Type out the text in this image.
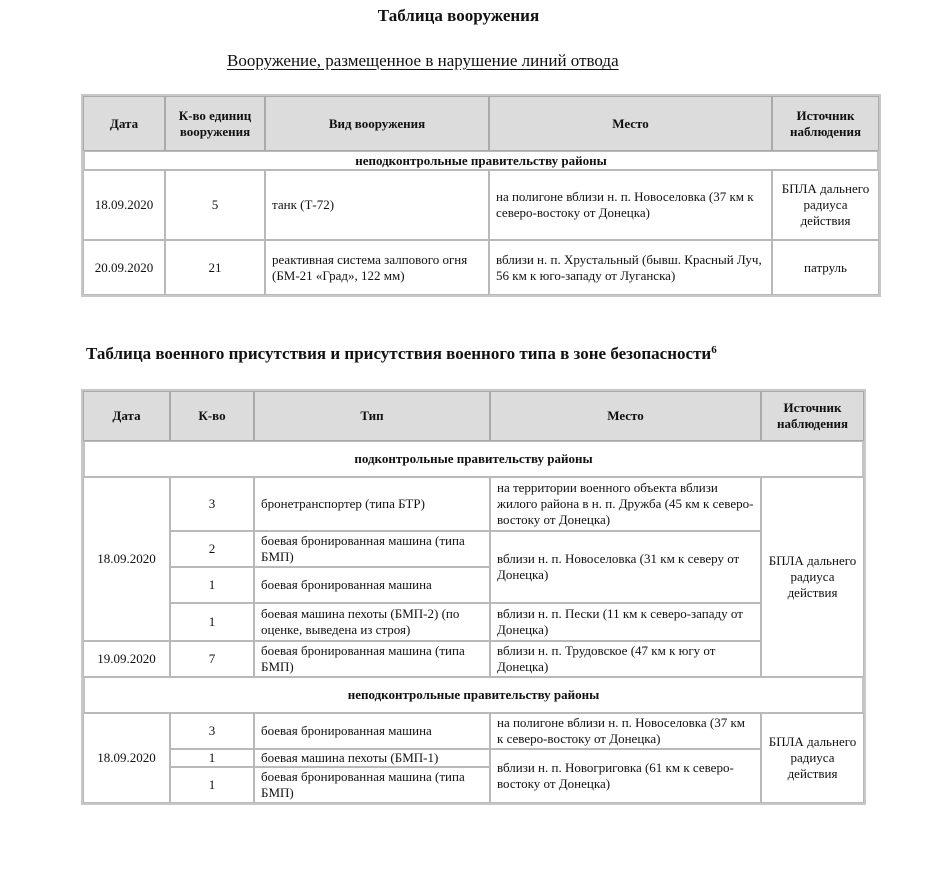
Таблица вооружения
Вооружение, размещенное в нарушение линий отвода
Дата	К-во единиц вооружения	Вид вооружения	Место	Источник наблюдения
неподконтрольные правительству районы				
18.09.2020	5	танк (Т-72)	на полигоне вблизи н. п. Новоселовка (37 км к северо-востоку от Донецка)	БПЛА дальнего радиуса действия
20.09.2020	21	реактивная система залпового огня (БМ-21 «Град», 122 мм)	вблизи н. п. Хрустальный (бывш. Красный Луч, 56 км к юго-западу от Луганска)	патруль
Таблица военного присутствия и присутствия военного типа в зоне безопасности$^6$
Дата	К-во	Тип	Место	Источник наблюдения
подконтрольные правительству районы				
18.09.2020	3	бронетранспортер (типа БТР)	на территории военного объекта вблизи жилого района в н. п. Дружба (45 км к северо-востоку от Донецка)	БПЛА дальнего радиуса действия
	2	боевая бронированная машина (типа БМП)	вблизи н. п. Новоселовка (31 км к северу от Донецка)	
	1	боевая бронированная машина		
	1	боевая машина пехоты (БМП-2) (по оценке, выведена из строя)	вблизи н. п. Пески (11 км к северо-западу от Донецка)	
19.09.2020	7	боевая бронированная машина (типа БМП)	вблизи н. п. Трудовское (47 км к югу от Донецка)	
неподконтрольные правительству районы				
18.09.2020	3	боевая бронированная машина	на полигоне вблизи н. п. Новоселовка (37 км к северо-востоку от Донецка)	БПЛА дальнего радиуса действия
	1	боевая машина пехоты (БМП-1)	вблизи н. п. Новогриговка (61 км к северо-востоку от Донецка)	
	1	боевая бронированная машина (типа БМП)		
